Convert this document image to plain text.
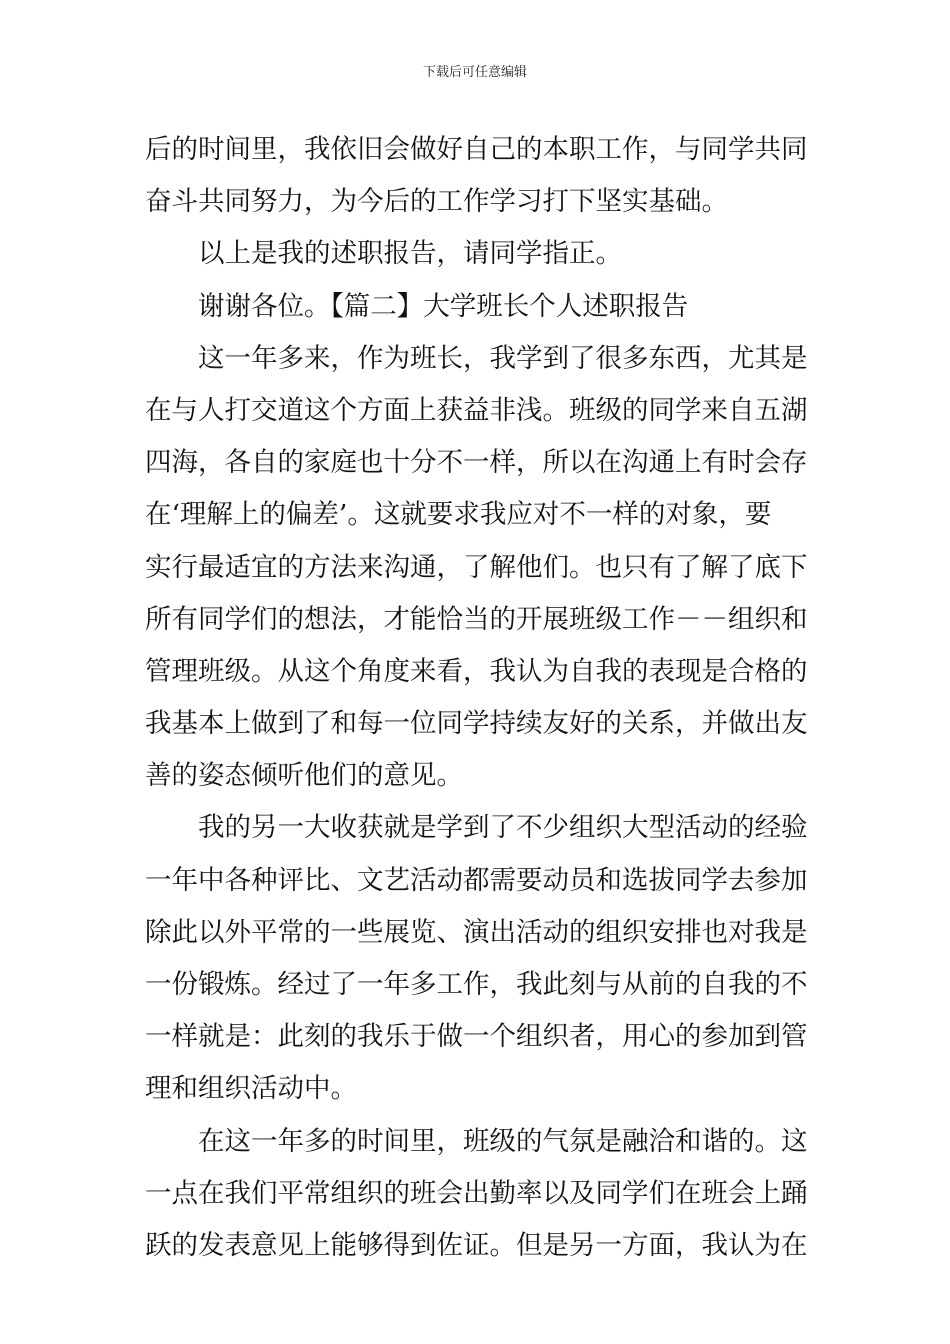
下载后可任意编辑
后的时间里，我依旧会做好自己的本职工作，与同学共同
奋斗共同努力，为今后的工作学习打下坚实基础。
以上是我的述职报告，请同学指正。
谢谢各位。【篇二】大学班长个人述职报告
这一年多来，作为班长，我学到了很多东西，尤其是
在与人打交道这个方面上获益非浅。班级的同学来自五湖
四海，各自的家庭也十分不一样，所以在沟通上有时会存
在‘理解上的偏差’。这就要求我应对不一样的对象，要
实行最适宜的方法来沟通，了解他们。也只有了解了底下
所有同学们的想法，才能恰当的开展班级工作－－组织和
管理班级。从这个角度来看，我认为自我的表现是合格的
我基本上做到了和每一位同学持续友好的关系，并做出友
善的姿态倾听他们的意见。
我的另一大收获就是学到了不少组织大型活动的经验
一年中各种评比、文艺活动都需要动员和选拔同学去参加
除此以外平常的一些展览、演出活动的组织安排也对我是
一份锻炼。经过了一年多工作，我此刻与从前的自我的不
一样就是：此刻的我乐于做一个组织者，用心的参加到管
理和组织活动中。
在这一年多的时间里，班级的气氛是融洽和谐的。这
一点在我们平常组织的班会出勤率以及同学们在班会上踊
跃的发表意见上能够得到佐证。但是另一方面，我认为在
